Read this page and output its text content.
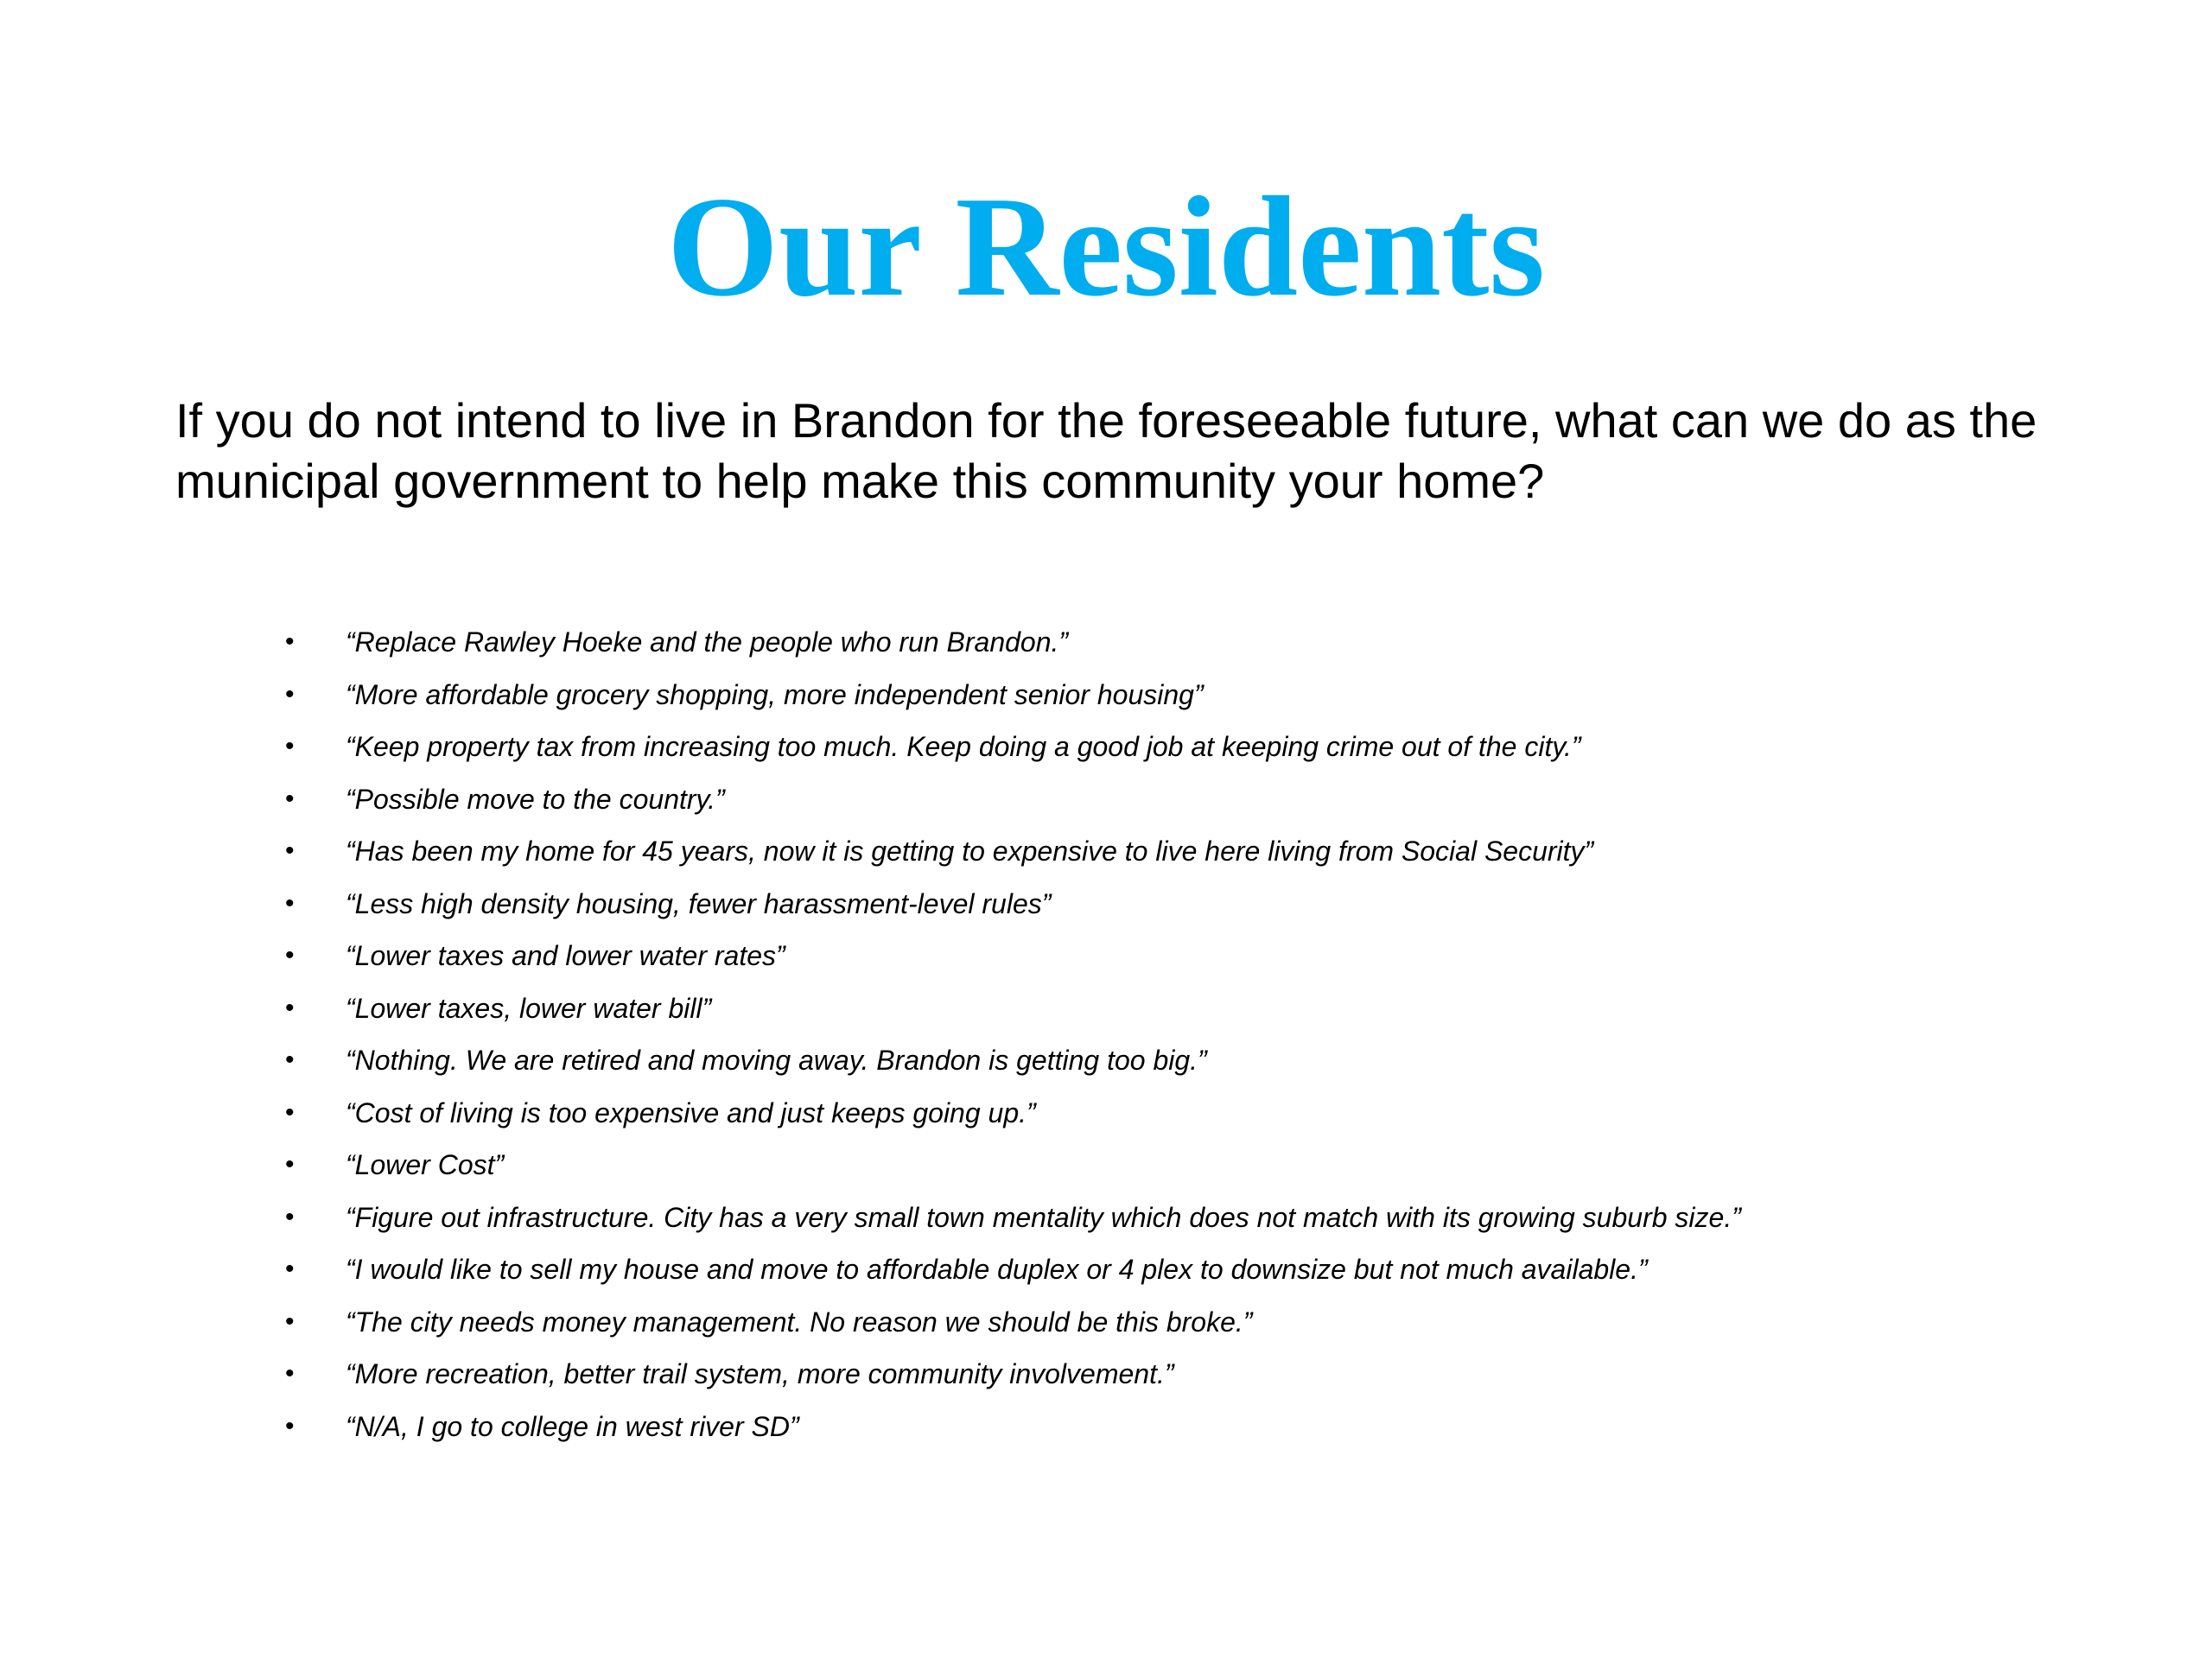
Our Residents

If you do not intend to live in Brandon for the foreseeable future, what can we do as the municipal government to help make this community your home?

• “Replace Rawley Hoeke and the people who run Brandon.”
• “More affordable grocery shopping, more independent senior housing”
• “Keep property tax from increasing too much. Keep doing a good job at keeping crime out of the city.”
• “Possible move to the country.”
• “Has been my home for 45 years, now it is getting to expensive to live here living from Social Security”
• “Less high density housing, fewer harassment-level rules”
• “Lower taxes and lower water rates”
• “Lower taxes, lower water bill”
• “Nothing. We are retired and moving away. Brandon is getting too big.”
• “Cost of living is too expensive and just keeps going up.”
• “Lower Cost”
• “Figure out infrastructure. City has a very small town mentality which does not match with its growing suburb size.”
• “I would like to sell my house and move to affordable duplex or 4 plex to downsize but not much available.”
• “The city needs money management. No reason we should be this broke.”
• “More recreation, better trail system, more community involvement.”
• “N/A, I go to college in west river SD”
